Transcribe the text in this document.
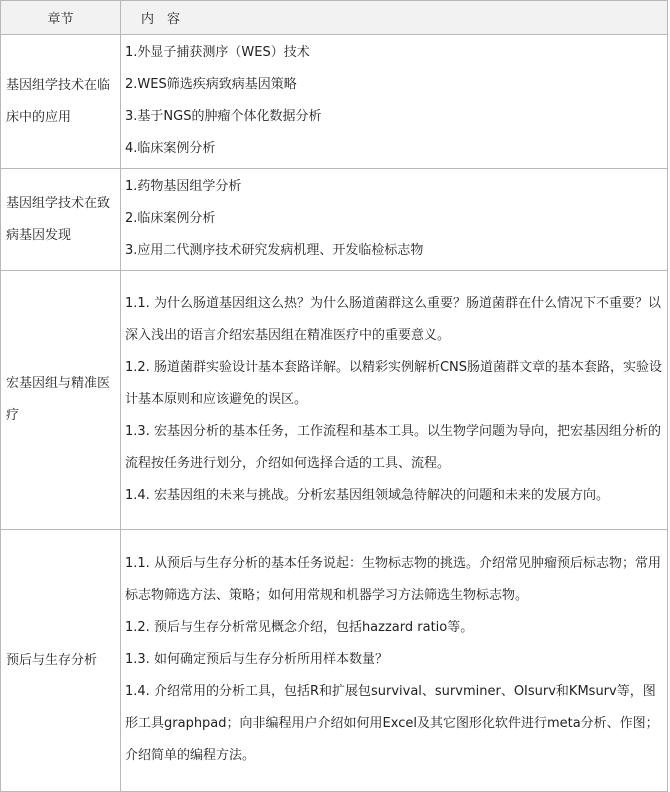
章节	内　容
基因组学技术在临床中的应用	1.外显子捕获测序（WES）技术
2.WES筛选疾病致病基因策略
3.基于NGS的肿瘤个体化数据分析
4.临床案例分析

基因组学技术在致病基因发现	1.药物基因组学分析
2.临床案例分析
3.应用二代测序技术研究发病机理、开发临检标志物

宏基因组与精准医疗	1.1. 为什么肠道基因组这么热？为什么肠道菌群这么重要？肠道菌群在什么情况下不重要？以深入浅出的语言介绍宏基因组在精准医疗中的重要意义。
1.2. 肠道菌群实验设计基本套路详解。以精彩实例解析CNS肠道菌群文章的基本套路，实验设计基本原则和应该避免的误区。
1.3. 宏基因分析的基本任务，工作流程和基本工具。以生物学问题为导向，把宏基因组分析的流程按任务进行划分，介绍如何选择合适的工具、流程。
1.4. 宏基因组的未来与挑战。分析宏基因组领域急待解决的问题和未来的发展方向。

预后与生存分析	1.1. 从预后与生存分析的基本任务说起：生物标志物的挑选。介绍常见肿瘤预后标志物；常用标志物筛选方法、策略；如何用常规和机器学习方法筛选生物标志物。
1.2. 预后与生存分析常见概念介绍，包括hazzard ratio等。
1.3. 如何确定预后与生存分析所用样本数量？
1.4. 介绍常用的分析工具，包括R和扩展包survival、survminer、OIsurv和KMsurv等，图形工具graphpad；向非编程用户介绍如何用Excel及其它图形化软件进行meta分析、作图；介绍简单的编程方法。
